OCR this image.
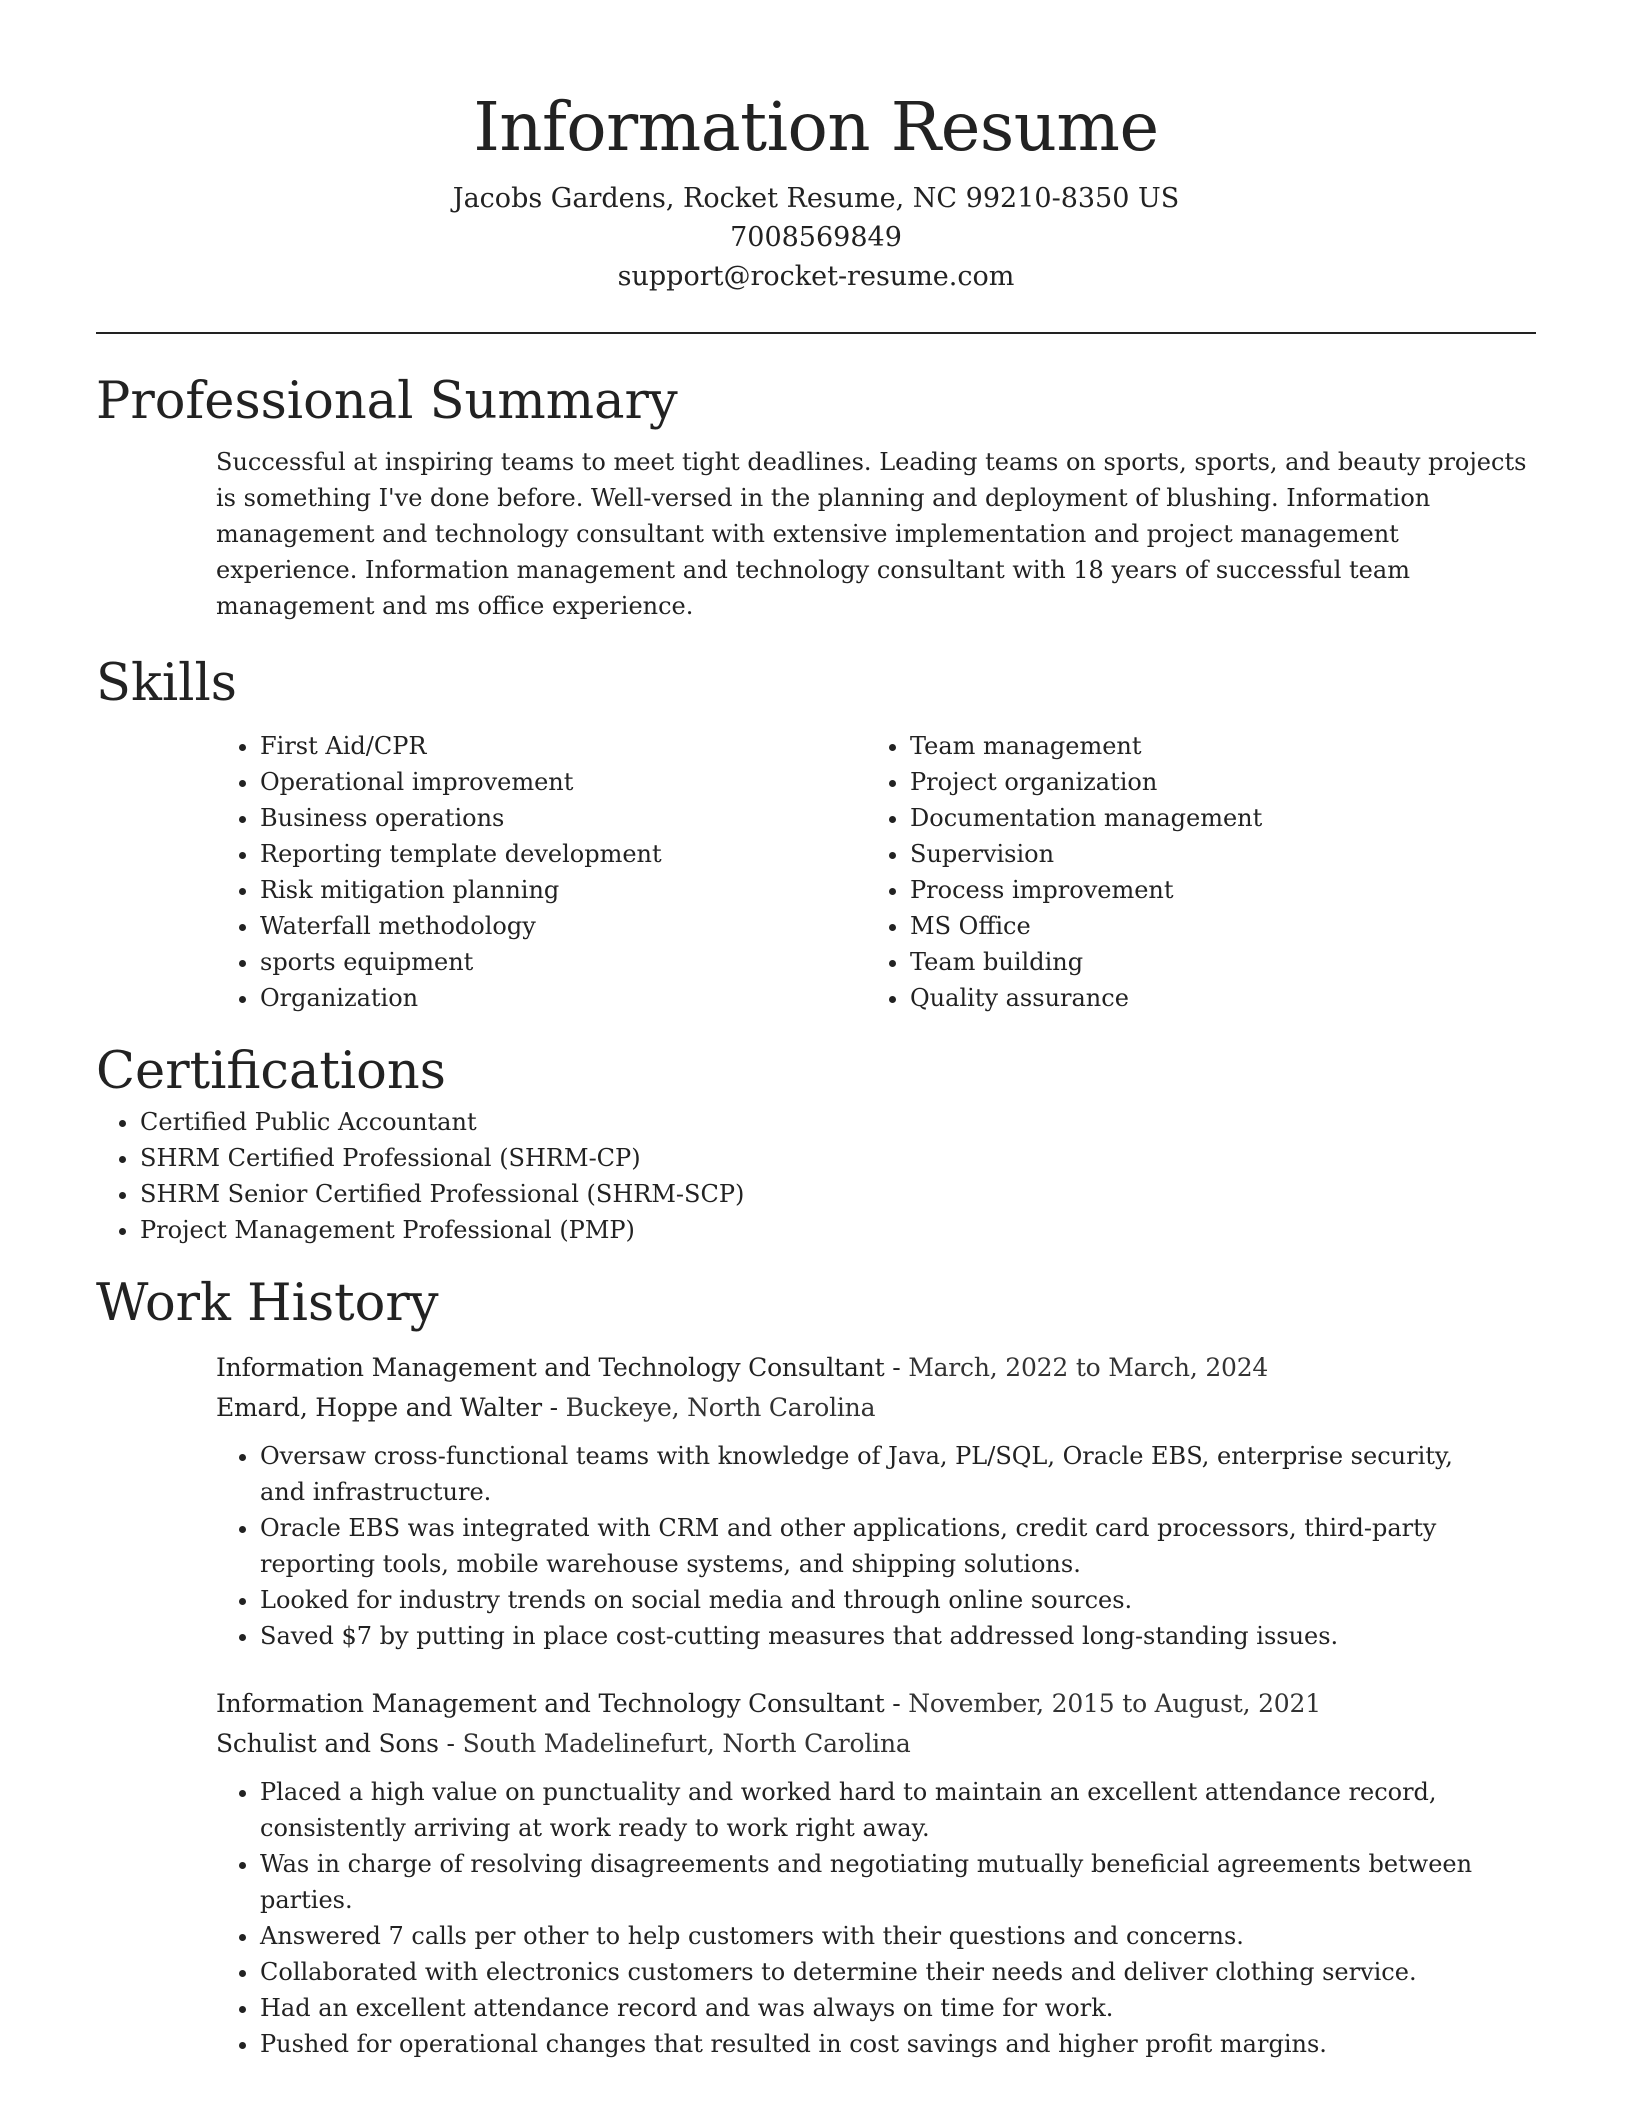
Information Resume
Jacobs Gardens, Rocket Resume, NC 99210-8350 US
7008569849
support@rocket-resume.com
Professional Summary

Successful at inspiring teams to meet tight deadlines. Leading teams on sports, sports, and beauty projects is something I've done before. Well-versed in the planning and deployment of blushing. Information management and technology consultant with extensive implementation and project management experience. Information management and technology consultant with 18 years of successful team management and ms office experience.

Skills
• First Aid/CPR
• Operational improvement
• Business operations
• Reporting template development
• Risk mitigation planning
• Waterfall methodology
• sports equipment
• Organization
• Team management
• Project organization
• Documentation management
• Supervision
• Process improvement
• MS Office
• Team building
• Quality assurance
Certifications
• Certified Public Accountant
• SHRM Certified Professional (SHRM-CP)
• SHRM Senior Certified Professional (SHRM-SCP)
• Project Management Professional (PMP)
Work History
Information Management and Technology Consultant - March, 2022 to March, 2024
Emard, Hoppe and Walter - Buckeye, North Carolina
• Oversaw cross-functional teams with knowledge of Java, PL/SQL, Oracle EBS, enterprise security, and infrastructure.
• Oracle EBS was integrated with CRM and other applications, credit card processors, third-party reporting tools, mobile warehouse systems, and shipping solutions.
• Looked for industry trends on social media and through online sources.
• Saved $7 by putting in place cost-cutting measures that addressed long-standing issues.
Information Management and Technology Consultant - November, 2015 to August, 2021
Schulist and Sons - South Madelinefurt, North Carolina
• Placed a high value on punctuality and worked hard to maintain an excellent attendance record, consistently arriving at work ready to work right away.
• Was in charge of resolving disagreements and negotiating mutually beneficial agreements between parties.
• Answered 7 calls per other to help customers with their questions and concerns.
• Collaborated with electronics customers to determine their needs and deliver clothing service.
• Had an excellent attendance record and was always on time for work.
• Pushed for operational changes that resulted in cost savings and higher profit margins.
